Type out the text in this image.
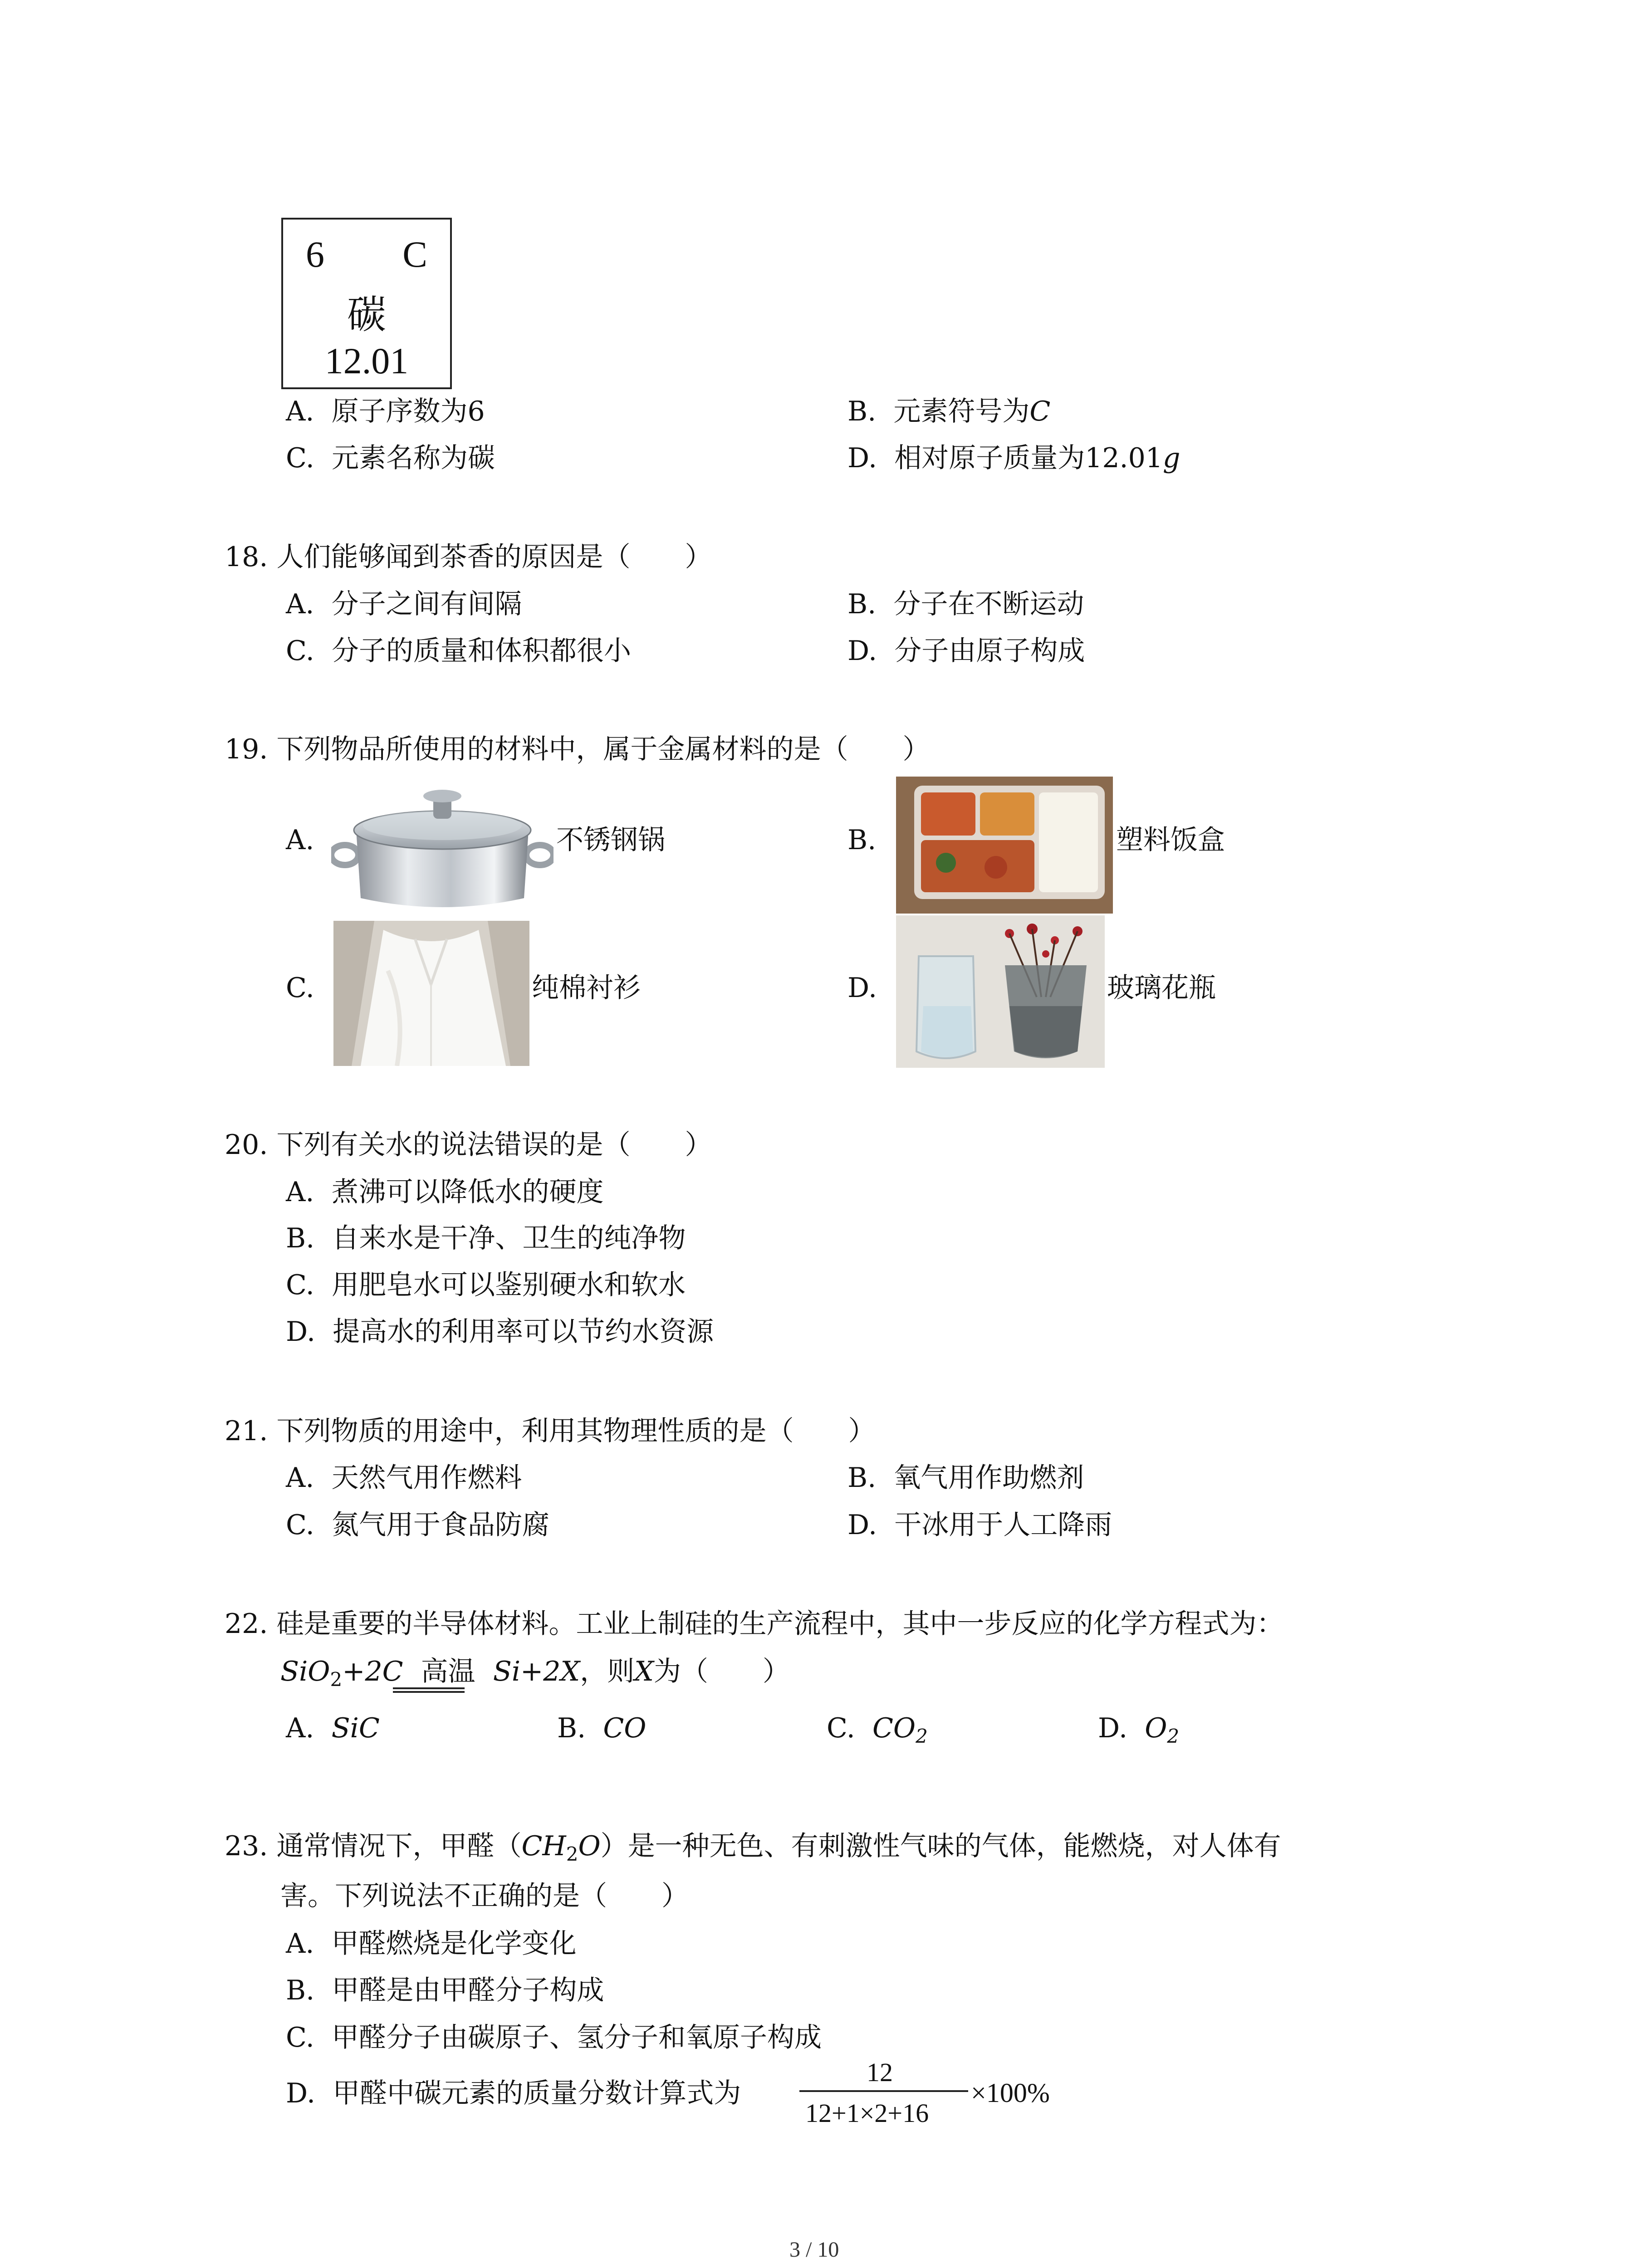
6 C
碳
12.01
A. 原子序数为6	B. 元素符号为C
C. 元素名称为碳	D. 相对原子质量为12.01g
18. 人们能够闻到茶香的原因是（　　）
A. 分子之间有间隔	B. 分子在不断运动
C. 分子的质量和体积都很小	D. 分子由原子构成
19. 下列物品所使用的材料中，属于金属材料的是（　　）
A.	不锈钢锅	B.	塑料饭盒
C.	纯棉衬衫	D.	玻璃花瓶
20. 下列有关水的说法错误的是（　　）
A. 煮沸可以降低水的硬度
B. 自来水是干净、卫生的纯净物
C. 用肥皂水可以鉴别硬水和软水
D. 提高水的利用率可以节约水资源
21. 下列物质的用途中，利用其物理性质的是（　　）
A. 天然气用作燃料	B. 氧气用作助燃剂
C. 氮气用于食品防腐	D. 干冰用于人工降雨
22. 硅是重要的半导体材料。工业上制硅的生产流程中，其中一步反应的化学方程式为：
SiO$_2$+2C 高温 Si+2X，则X为（　　）
A. SiC	B. CO	C. $CO_2$	D. $O_2$
23. 通常情况下，甲醛$(CH_2O)$是一种无色、有刺激性气味的气体，能燃烧，对人体有
害。下列说法不正确的是（　　）
A. 甲醛燃烧是化学变化
B. 甲醛是由甲醛分子构成
C. 甲醛分子由碳原子、氢分子和氧原子构成
D. 甲醛中碳元素的质量分数计算式为
12
12+1×2+16
×100%
3 / 10
